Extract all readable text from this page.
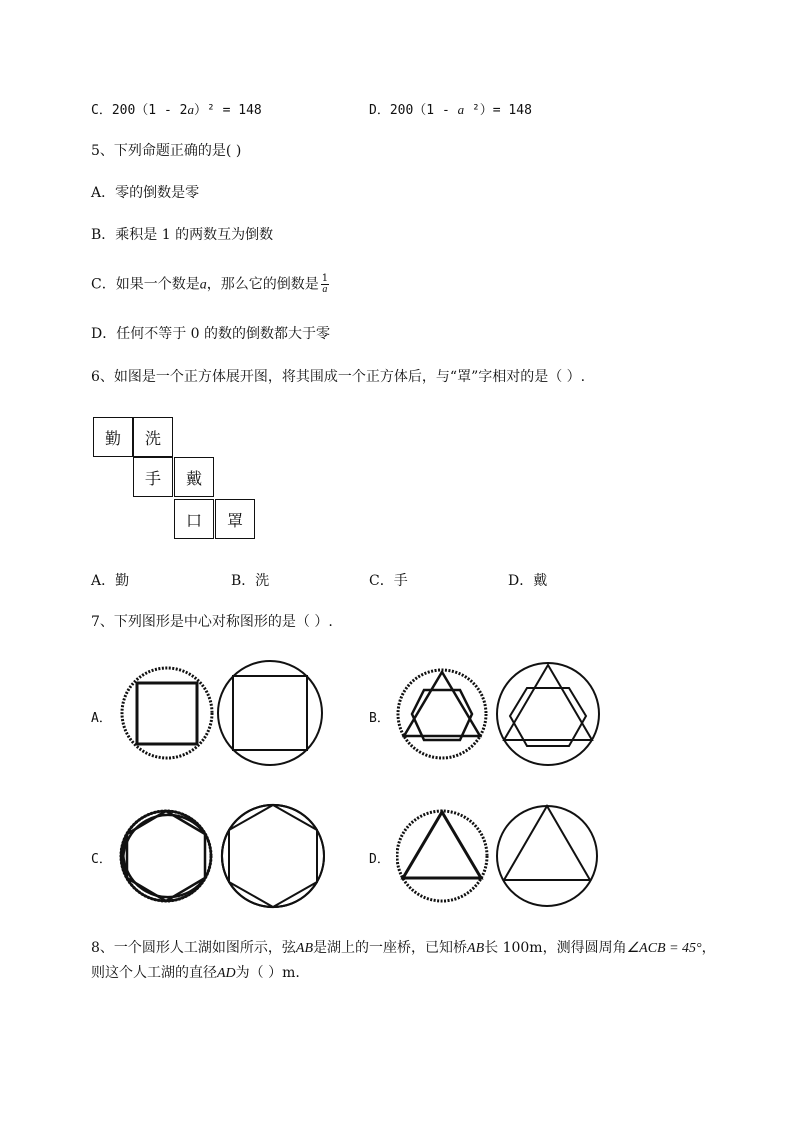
C．200（1 - 2a）² = 148	D．200（1 - a ²）= 148
5、下列命题正确的是( )
A．零的倒数是零
B．乘积是 1 的两数互为倒数
C．如果一个数是a，那么它的倒数是 $\frac{1}{a}$
D．任何不等于 0 的数的倒数都大于零
6、如图是一个正方体展开图，将其围成一个正方体后，与“罩”字相对的是（ ）.
勤	洗
手	戴
口	罩
A．勤	B．洗	C．手	D．戴
7、下列图形是中心对称图形的是（ ）.
A．	B．
C．	D．
8、一个圆形人工湖如图所示，弦AB是湖上的一座桥，已知桥AB长 100m，测得圆周角∠ACB = 45°，
则这个人工湖的直径AD为（ ）m.
